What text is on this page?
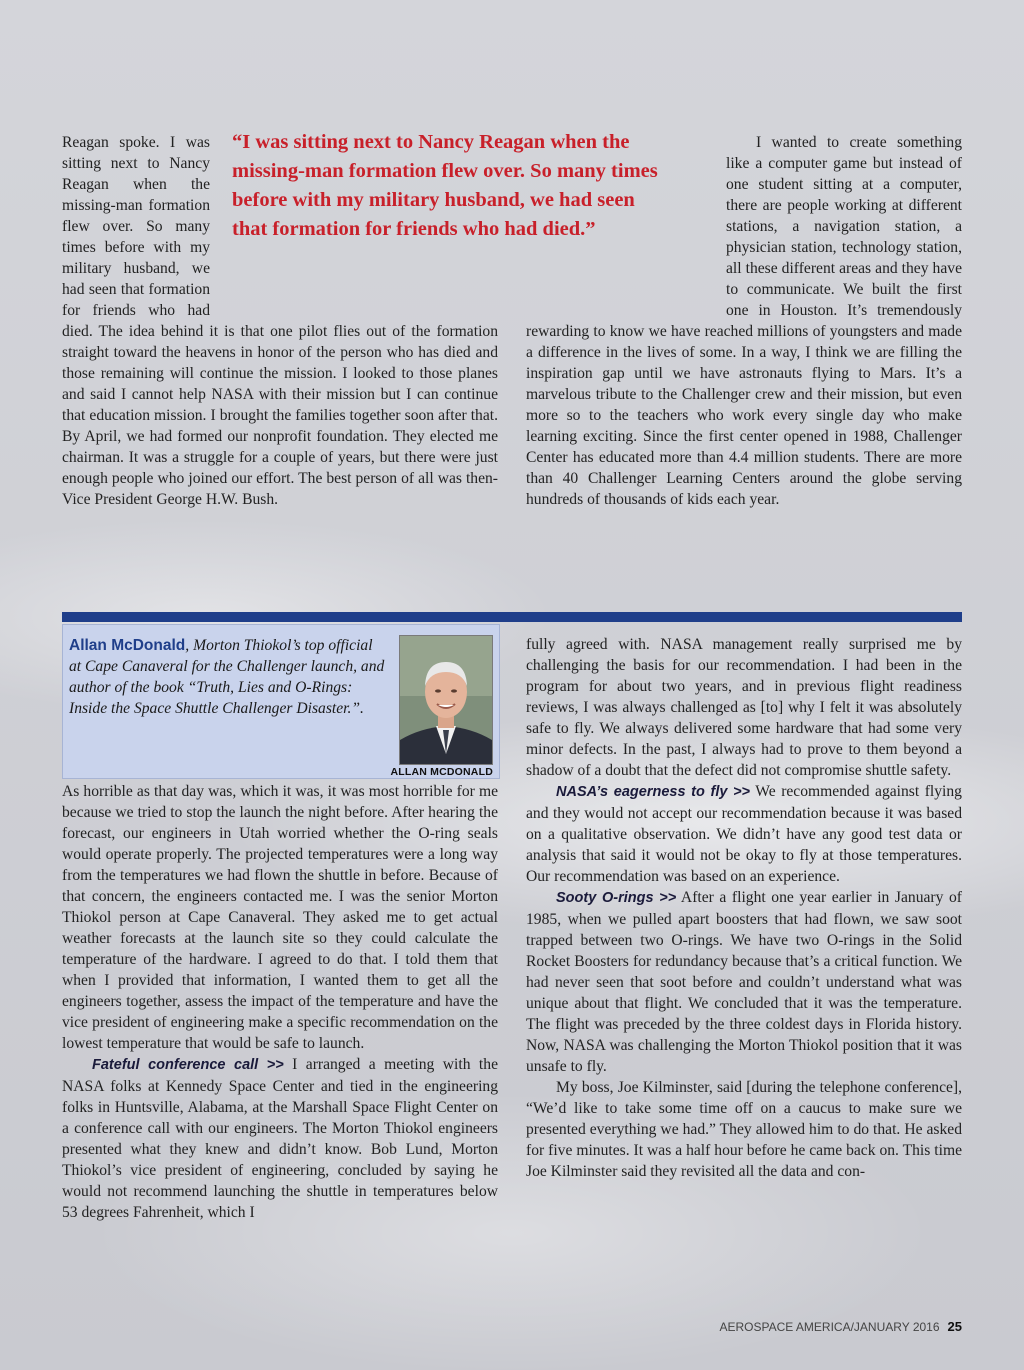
“I was sitting next to Nancy Reagan when the missing-man formation flew over. So many times before with my military husband, we had seen that formation for friends who had died.”

Reagan spoke. I was sitting next to Nancy Reagan when the missing-man formation flew over. So many times before with my military husband, we had seen that formation for friends who had died. The idea behind it is that one pilot flies out of the formation straight toward the heavens in honor of the person who has died and those remaining will continue the mission. I looked to those planes and said I cannot help NASA with their mission but I can continue that education mission. I brought the families together soon after that. By April, we had formed our nonprofit foundation. They elected me chairman. It was a struggle for a couple of years, but there were just enough people who joined our effort. The best person of all was then-Vice President George H.W. Bush.

I wanted to create something like a computer game but instead of one student sitting at a computer, there are people working at different stations, a navigation station, a physician station, technology station, all these different areas and they have to communicate. We built the first one in Houston. It’s tremendously rewarding to know we have reached millions of youngsters and made a difference in the lives of some. In a way, I think we are filling the inspiration gap until we have astronauts flying to Mars. It’s a marvelous tribute to the Challenger crew and their mission, but even more so to the teachers who work every single day who make learning exciting. Since the first center opened in 1988, Challenger Center has educated more than 4.4 million students. There are more than 40 Challenger Learning Centers around the globe serving hundreds of thousands of kids each year.

Allan McDonald, Morton Thiokol’s top official at Cape Canaveral for the Challenger launch, and author of the book “Truth, Lies and O-Rings: Inside the Space Shuttle Challenger Disaster.”.
ALLAN MCDONALD

As horrible as that day was, which it was, it was most horrible for me because we tried to stop the launch the night before. After hearing the forecast, our engineers in Utah worried whether the O-ring seals would operate properly. The projected temperatures were a long way from the temperatures we had flown the shuttle in before. Because of that concern, the engineers contacted me. I was the senior Morton Thiokol person at Cape Canaveral. They asked me to get actual weather forecasts at the launch site so they could calculate the temperature of the hardware. I agreed to do that. I told them that when I provided that information, I wanted them to get all the engineers together, assess the impact of the temperature and have the vice president of engineering make a specific recommendation on the lowest temperature that would be safe to launch.

Fateful conference call >> I arranged a meeting with the NASA folks at Kennedy Space Center and tied in the engineering folks in Huntsville, Alabama, at the Marshall Space Flight Center on a conference call with our engineers. The Morton Thiokol engineers presented what they knew and didn’t know. Bob Lund, Morton Thiokol’s vice president of engineering, concluded by saying he would not recommend launching the shuttle in temperatures below 53 degrees Fahrenheit, which I

fully agreed with. NASA management really surprised me by challenging the basis for our recommendation. I had been in the program for about two years, and in previous flight readiness reviews, I was always challenged as [to] why I felt it was absolutely safe to fly. We always delivered some hardware that had some very minor defects. In the past, I always had to prove to them beyond a shadow of a doubt that the defect did not compromise shuttle safety.

NASA’s eagerness to fly >> We recommended against flying and they would not accept our recommendation because it was based on a qualitative observation. We didn’t have any good test data or analysis that said it would not be okay to fly at those temperatures. Our recommendation was based on an experience.

Sooty O-rings >> After a flight one year earlier in January of 1985, when we pulled apart boosters that had flown, we saw soot trapped between two O-rings. We have two O-rings in the Solid Rocket Boosters for redundancy because that’s a critical function. We had never seen that soot before and couldn’t understand what was unique about that flight. We concluded that it was the temperature. The flight was preceded by the three coldest days in Florida history. Now, NASA was challenging the Morton Thiokol position that it was unsafe to fly.

My boss, Joe Kilminster, said [during the telephone conference], “We’d like to take some time off on a caucus to make sure we presented everything we had.” They allowed him to do that. He asked for five minutes. It was a half hour before he came back on. This time Joe Kilminster said they revisited all the data and con-

AEROSPACE AMERICA/JANUARY 2016 25
